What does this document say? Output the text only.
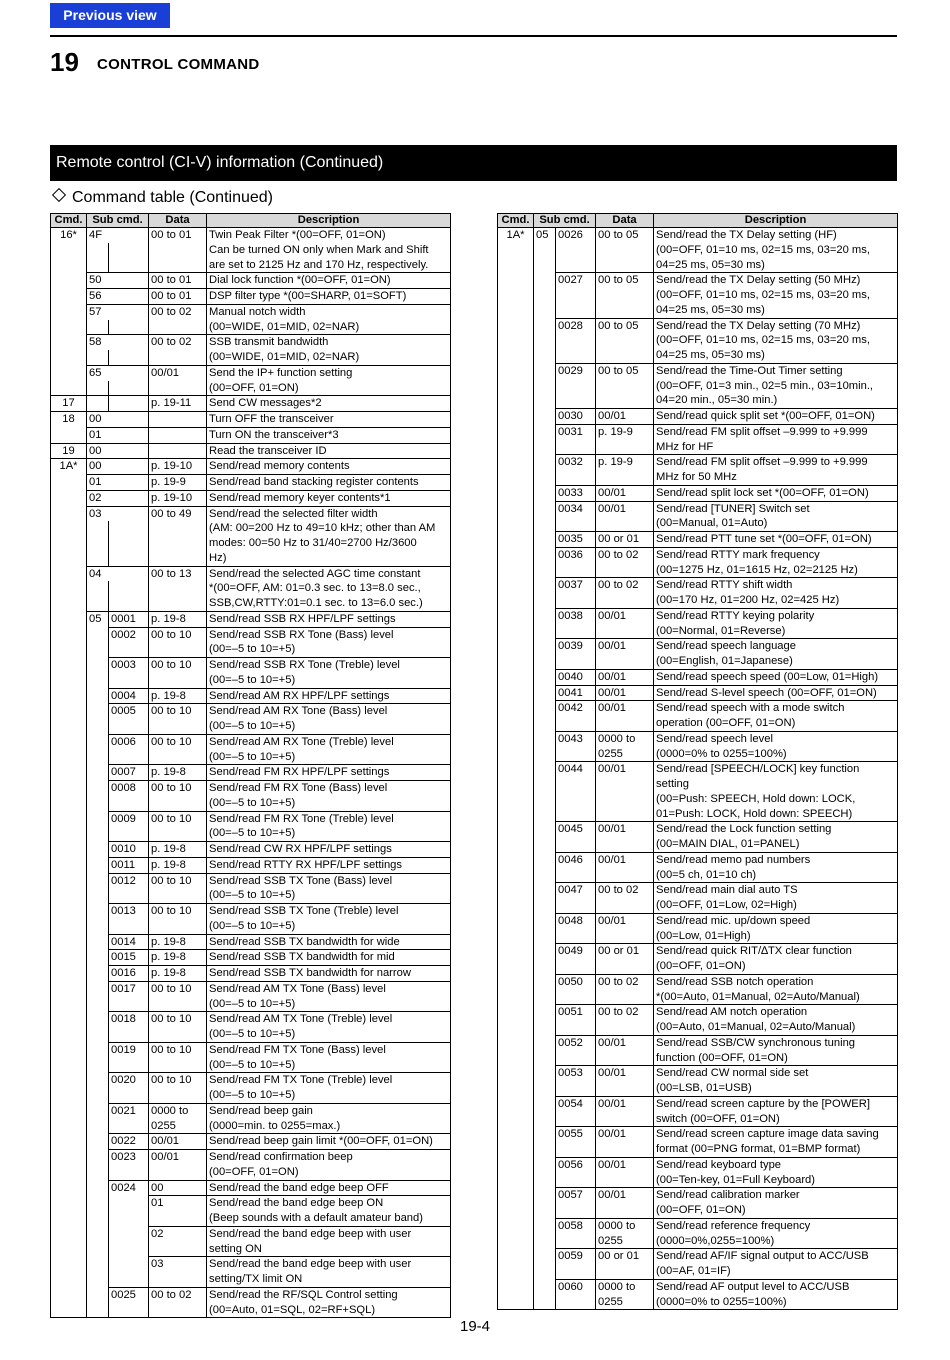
Previous view
19 CONTROL COMMAND
Remote control (CI-V) information (Continued)
Command table (Continued)
Cmd.	Sub cmd.		Data	Description
16*	4F		00 to 01	Twin Peak Filter *(00=OFF, 01=ON)
				Can be turned ON only when Mark and Shift
				are set to 2125 Hz and 170 Hz, respectively.
	50		00 to 01	Dial lock function *(00=OFF, 01=ON)
	56		00 to 01	DSP filter type *(00=SHARP, 01=SOFT)
	57		00 to 02	Manual notch width
				(00=WIDE, 01=MID, 02=NAR)
	58		00 to 02	SSB transmit bandwidth
				(00=WIDE, 01=MID, 02=NAR)
	65		00/01	Send the IP+ function setting
				(00=OFF, 01=ON)
17			p. 19-11	Send CW messages*2
18	00			Turn OFF the transceiver
	01			Turn ON the transceiver*3
19	00			Read the transceiver ID
1A*	00		p. 19-10	Send/read memory contents
	01		p. 19-9	Send/read band stacking register contents
	02		p. 19-10	Send/read memory keyer contents*1
	03		00 to 49	Send/read the selected filter width
				(AM: 00=200 Hz to 49=10 kHz; other than AM
				modes: 00=50 Hz to 31/40=2700 Hz/3600
				Hz)
	04		00 to 13	Send/read the selected AGC time constant
				*(00=OFF, AM: 01=0.3 sec. to 13=8.0 sec.,
				SSB,CW,RTTY:01=0.1 sec. to 13=6.0 sec.)
	05	0001	p. 19-8	Send/read SSB RX HPF/LPF settings
		0002	00 to 10	Send/read SSB RX Tone (Bass) level
				(00=–5 to 10=+5)
		0003	00 to 10	Send/read SSB RX Tone (Treble) level
				(00=–5 to 10=+5)
		0004	p. 19-8	Send/read AM RX HPF/LPF settings
		0005	00 to 10	Send/read AM RX Tone (Bass) level
				(00=–5 to 10=+5)
		0006	00 to 10	Send/read AM RX Tone (Treble) level
				(00=–5 to 10=+5)
		0007	p. 19-8	Send/read FM RX HPF/LPF settings
		0008	00 to 10	Send/read FM RX Tone (Bass) level
				(00=–5 to 10=+5)
		0009	00 to 10	Send/read FM RX Tone (Treble) level
				(00=–5 to 10=+5)
		0010	p. 19-8	Send/read CW RX HPF/LPF settings
		0011	p. 19-8	Send/read RTTY RX HPF/LPF settings
		0012	00 to 10	Send/read SSB TX Tone (Bass) level
				(00=–5 to 10=+5)
		0013	00 to 10	Send/read SSB TX Tone (Treble) level
				(00=–5 to 10=+5)
		0014	p. 19-8	Send/read SSB TX bandwidth for wide
		0015	p. 19-8	Send/read SSB TX bandwidth for mid
		0016	p. 19-8	Send/read SSB TX bandwidth for narrow
		0017	00 to 10	Send/read AM TX Tone (Bass) level
				(00=–5 to 10=+5)
		0018	00 to 10	Send/read AM TX Tone (Treble) level
				(00=–5 to 10=+5)
		0019	00 to 10	Send/read FM TX Tone (Bass) level
				(00=–5 to 10=+5)
		0020	00 to 10	Send/read FM TX Tone (Treble) level
				(00=–5 to 10=+5)
		0021	0000 to	Send/read beep gain
			0255	(0000=min. to 0255=max.)
		0022	00/01	Send/read beep gain limit *(00=OFF, 01=ON)
		0023	00/01	Send/read confirmation beep
				(00=OFF, 01=ON)
		0024	00	Send/read the band edge beep OFF
			01	Send/read the band edge beep ON
				(Beep sounds with a default amateur band)
			02	Send/read the band edge beep with user
				setting ON
			03	Send/read the band edge beep with user
				setting/TX limit ON
		0025	00 to 02	Send/read the RF/SQL Control setting
				(00=Auto, 01=SQL, 02=RF+SQL)
Cmd.	Sub cmd.		Data	Description
1A*	05	0026	00 to 05	Send/read the TX Delay setting (HF)
				(00=OFF, 01=10 ms, 02=15 ms, 03=20 ms,
				04=25 ms, 05=30 ms)
		0027	00 to 05	Send/read the TX Delay setting (50 MHz)
				(00=OFF, 01=10 ms, 02=15 ms, 03=20 ms,
				04=25 ms, 05=30 ms)
		0028	00 to 05	Send/read the TX Delay setting (70 MHz)
				(00=OFF, 01=10 ms, 02=15 ms, 03=20 ms,
				04=25 ms, 05=30 ms)
		0029	00 to 05	Send/read the Time-Out Timer setting
				(00=OFF, 01=3 min., 02=5 min., 03=10min.,
				04=20 min., 05=30 min.)
		0030	00/01	Send/read quick split set *(00=OFF, 01=ON)
		0031	p. 19-9	Send/read FM split offset –9.999 to +9.999
				MHz for HF
		0032	p. 19-9	Send/read FM split offset –9.999 to +9.999
				MHz for 50 MHz
		0033	00/01	Send/read split lock set *(00=OFF, 01=ON)
		0034	00/01	Send/read [TUNER] Switch set
				(00=Manual, 01=Auto)
		0035	00 or 01	Send/read PTT tune set *(00=OFF, 01=ON)
		0036	00 to 02	Send/read RTTY mark frequency
				(00=1275 Hz, 01=1615 Hz, 02=2125 Hz)
		0037	00 to 02	Send/read RTTY shift width
				(00=170 Hz, 01=200 Hz, 02=425 Hz)
		0038	00/01	Send/read RTTY keying polarity
				(00=Normal, 01=Reverse)
		0039	00/01	Send/read speech language
				(00=English, 01=Japanese)
		0040	00/01	Send/read speech speed (00=Low, 01=High)
		0041	00/01	Send/read S-level speech (00=OFF, 01=ON)
		0042	00/01	Send/read speech with a mode switch
				operation (00=OFF, 01=ON)
		0043	0000 to	Send/read speech level
			0255	(0000=0% to 0255=100%)
		0044	00/01	Send/read [SPEECH/LOCK] key function
				setting
				(00=Push: SPEECH, Hold down: LOCK,
				01=Push: LOCK, Hold down: SPEECH)
		0045	00/01	Send/read the Lock function setting
				(00=MAIN DIAL, 01=PANEL)
		0046	00/01	Send/read memo pad numbers
				(00=5 ch, 01=10 ch)
		0047	00 to 02	Send/read main dial auto TS
				(00=OFF, 01=Low, 02=High)
		0048	00/01	Send/read mic. up/down speed
				(00=Low, 01=High)
		0049	00 or 01	Send/read quick RIT/∆TX clear function
				(00=OFF, 01=ON)
		0050	00 to 02	Send/read SSB notch operation
				*(00=Auto, 01=Manual, 02=Auto/Manual)
		0051	00 to 02	Send/read AM notch operation
				(00=Auto, 01=Manual, 02=Auto/Manual)
		0052	00/01	Send/read SSB/CW synchronous tuning
				function (00=OFF, 01=ON)
		0053	00/01	Send/read CW normal side set
				(00=LSB, 01=USB)
		0054	00/01	Send/read screen capture by the [POWER]
				switch (00=OFF, 01=ON)
		0055	00/01	Send/read screen capture image data saving
				format (00=PNG format, 01=BMP format)
		0056	00/01	Send/read keyboard type
				(00=Ten-key, 01=Full Keyboard)
		0057	00/01	Send/read calibration marker
				(00=OFF, 01=ON)
		0058	0000 to	Send/read reference frequency
			0255	(0000=0%,0255=100%)
		0059	00 or 01	Send/read AF/IF signal output to ACC/USB
				(00=AF, 01=IF)
		0060	0000 to	Send/read AF output level to ACC/USB
			0255	(0000=0% to 0255=100%)
19-4
